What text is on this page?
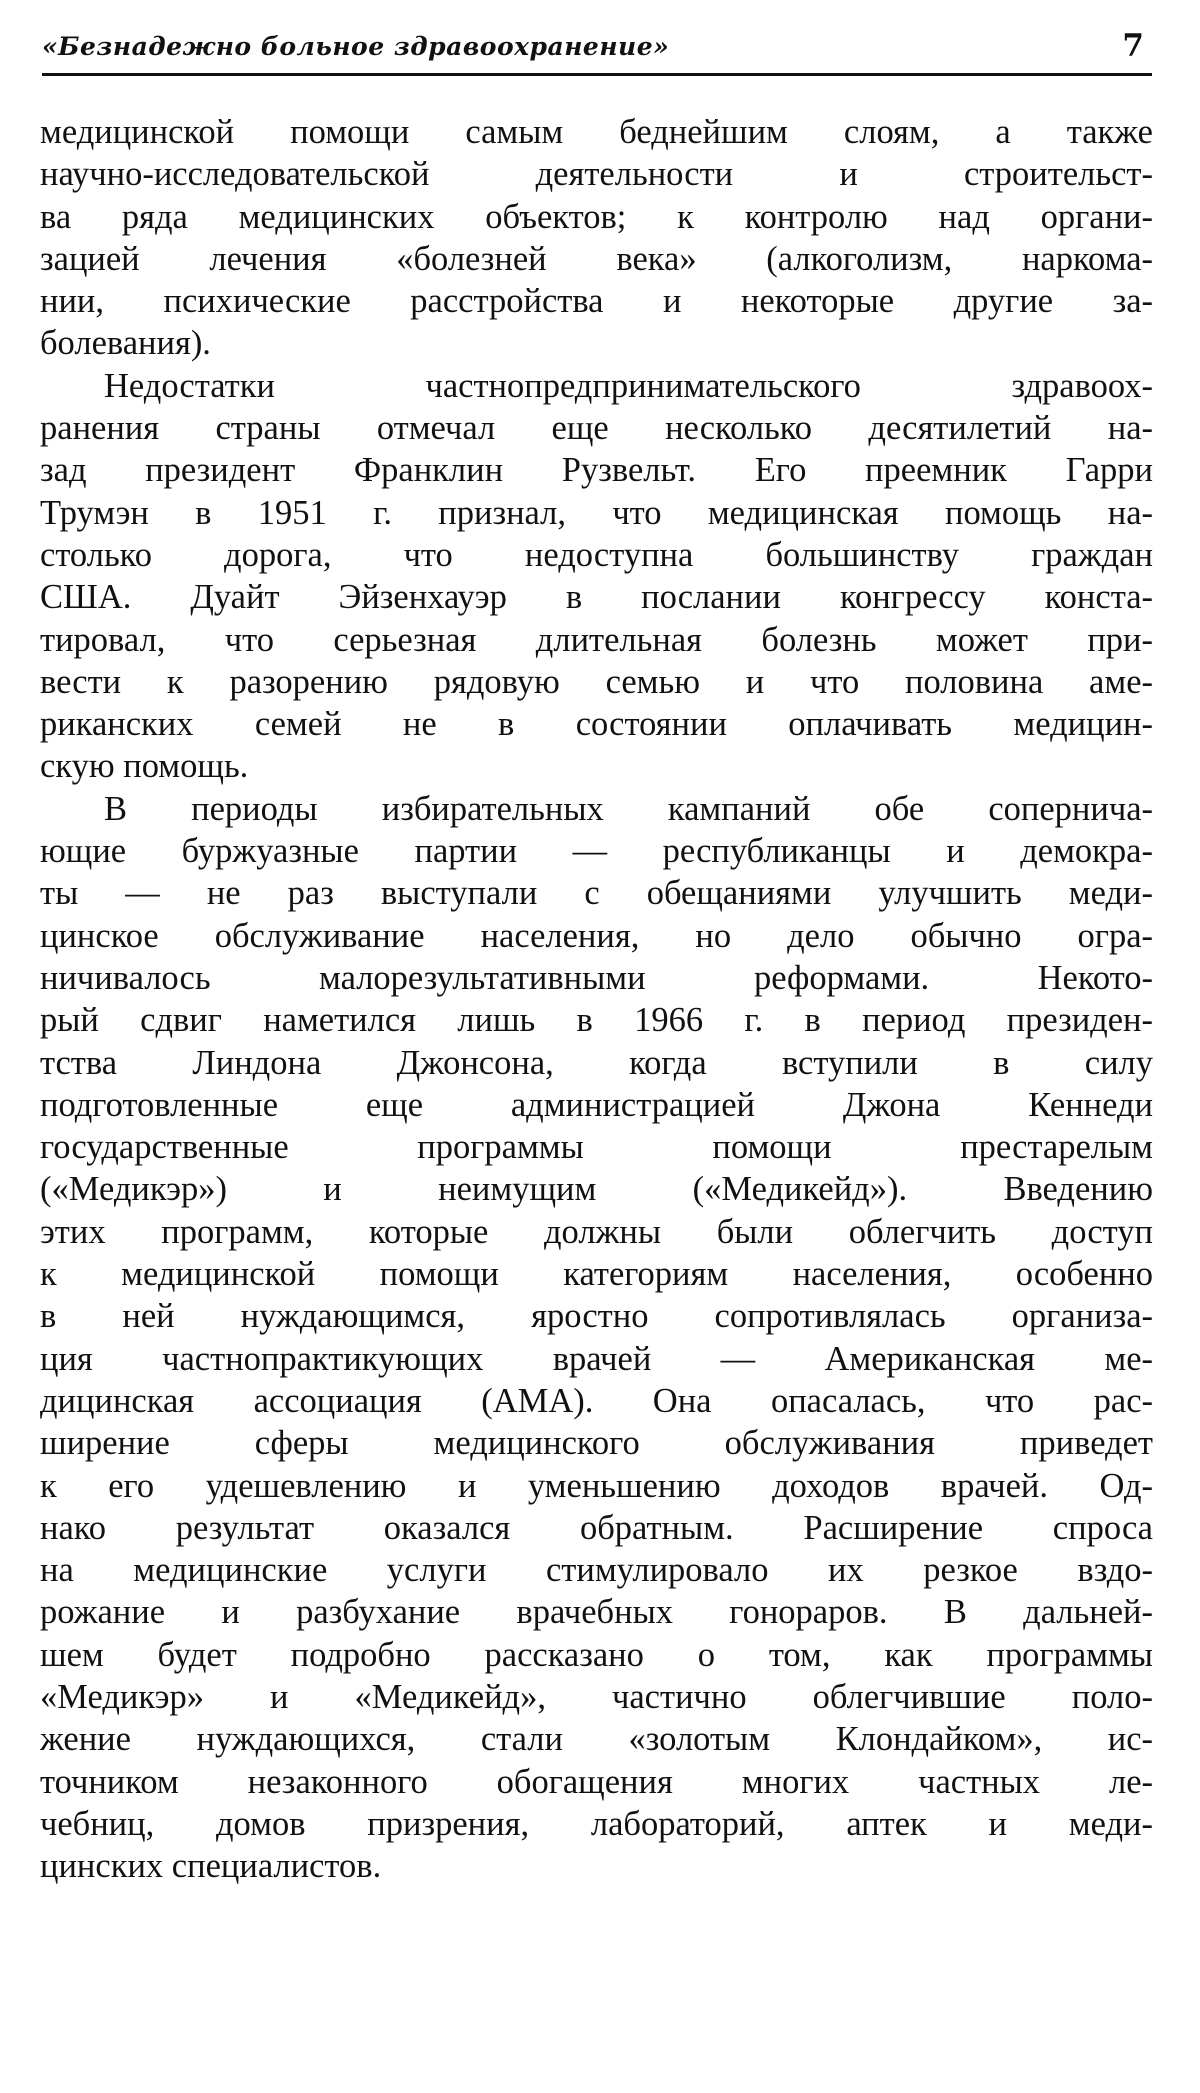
«Безнадежно больное здравоохранение»	7
медицинской помощи самым беднейшим слоям, а также
научно-исследовательской деятельности и строительст-
ва ряда медицинских объектов; к контролю над органи-
зацией лечения «болезней века» (алкоголизм, наркома-
нии, психические расстройства и некоторые другие за-
болевания).
Недостатки частнопредпринимательского здравоох-
ранения страны отмечал еще несколько десятилетий на-
зад президент Франклин Рузвельт. Его преемник Гарри
Трумэн в 1951 г. признал, что медицинская помощь на-
столько дорога, что недоступна большинству граждан
США. Дуайт Эйзенхауэр в послании конгрессу конста-
тировал, что серьезная длительная болезнь может при-
вести к разорению рядовую семью и что половина аме-
риканских семей не в состоянии оплачивать медицин-
скую помощь.
В периоды избирательных кампаний обе соперничa-
ющие буржуазные партии — республиканцы и демокра-
ты — не раз выступали с обещаниями улучшить меди-
цинское обслуживание населения, но дело обычно огра-
ничивалось малорезультативными реформами. Некото-
рый сдвиг наметился лишь в 1966 г. в период президен-
тства Линдона Джонсона, когда вступили в силу
подготовленные еще администрацией Джона Кеннеди
государственные программы помощи престарелым
(«Медикэр») и неимущим («Медикейд»). Введению
этих программ, которые должны были облегчить доступ
к медицинской помощи категориям населения, особенно
в ней нуждающимся, яростно сопротивлялась организа-
ция частнопрактикующих врачей — Американская ме-
дицинская ассоциация (АМА). Она опасалась, что рас-
ширение сферы медицинского обслуживания приведет
к его удешевлению и уменьшению доходов врачей. Од-
нако результат оказался обратным. Расширение спроса
на медицинские услуги стимулировало их резкое вздо-
рожание и разбухание врачебных гонораров. В дальней-
шем будет подробно рассказано о том, как программы
«Медикэр» и «Медикейд», частично облегчившие поло-
жение нуждающихся, стали «золотым Клондайком», ис-
точником незаконного обогащения многих частных ле-
чебниц, домов призрения, лабораторий, аптек и меди-
цинских специалистов.
